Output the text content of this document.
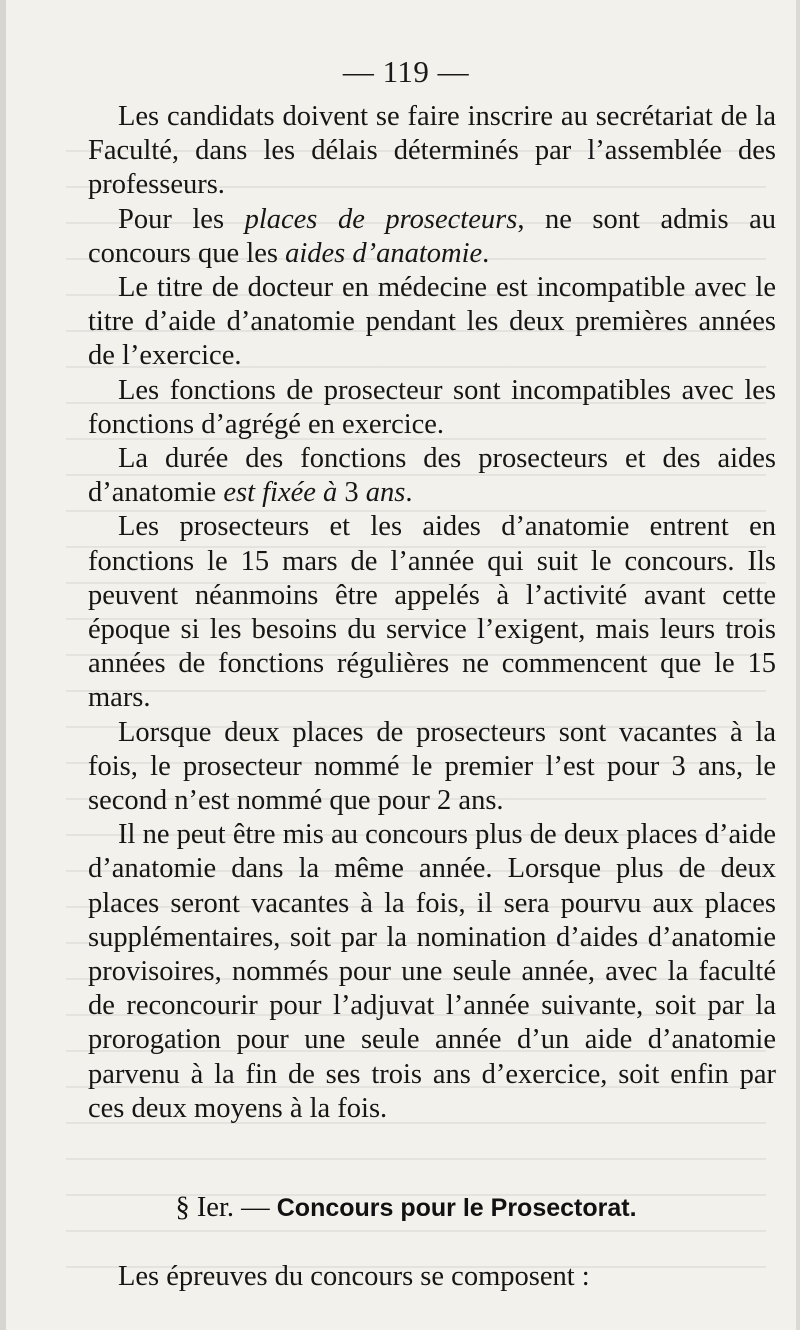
— 119 —

Les candidats doivent se faire inscrire au secrétariat de la Faculté, dans les délais déterminés par l’assemblée des professeurs.

Pour les places de prosecteurs, ne sont admis au concours que les aides d’anatomie.

Le titre de docteur en médecine est incompatible avec le titre d’aide d’anatomie pendant les deux premières années de l’exercice.

Les fonctions de prosecteur sont incompatibles avec les fonctions d’agrégé en exercice.

La durée des fonctions des prosecteurs et des aides d’anatomie est fixée à 3 ans.

Les prosecteurs et les aides d’anatomie entrent en fonctions le 15 mars de l’année qui suit le concours. Ils peuvent néanmoins être appelés à l’activité avant cette époque si les besoins du service l’exigent, mais leurs trois années de fonctions régulières ne commencent que le 15 mars.

Lorsque deux places de prosecteurs sont vacantes à la fois, le prosecteur nommé le premier l’est pour 3 ans, le second n’est nommé que pour 2 ans.

Il ne peut être mis au concours plus de deux places d’aide d’anatomie dans la même année. Lorsque plus de deux places seront vacantes à la fois, il sera pourvu aux places supplémentaires, soit par la nomination d’aides d’anatomie provisoires, nommés pour une seule année, avec la faculté de reconcourir pour l’adjuvat l’année suivante, soit par la prorogation pour une seule année d’un aide d’anatomie parvenu à la fin de ses trois ans d’exercice, soit enfin par ces deux moyens à la fois.

§ Ier. — Concours pour le Prosectorat.
Les épreuves du concours se composent :
